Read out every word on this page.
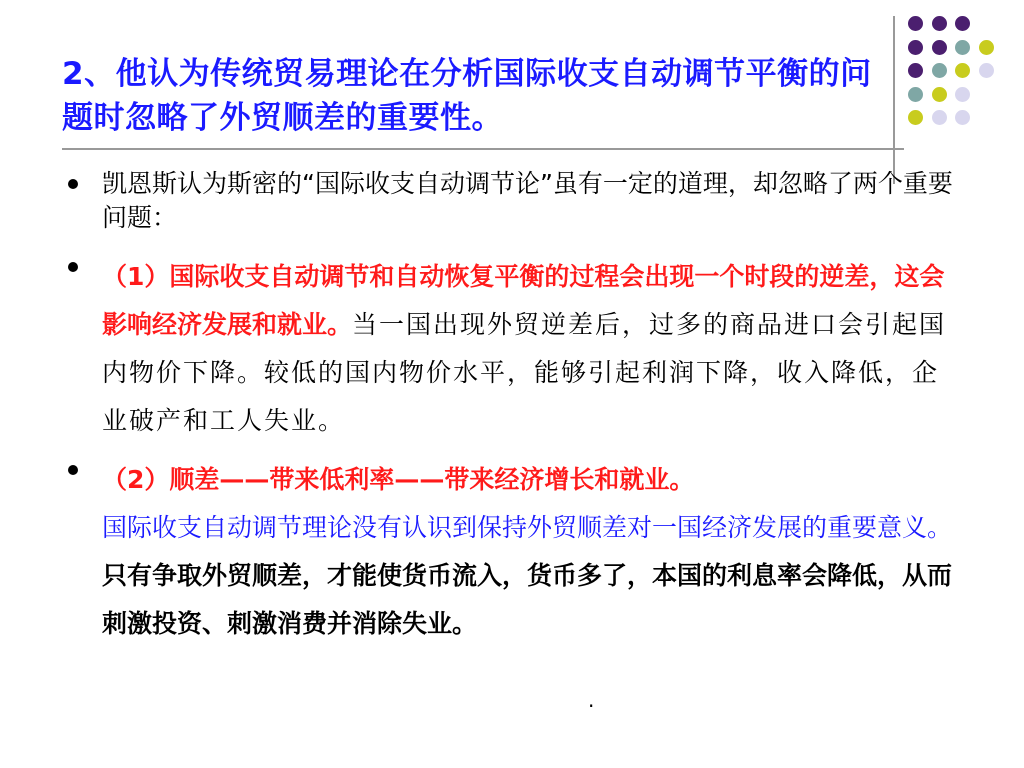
2、他认为传统贸易理论在分析国际收支自动调节平衡的问题时忽略了外贸顺差的重要性。
凯恩斯认为斯密的“国际收支自动调节论”虽有一定的道理，却忽略了两个重要问题：
（1）国际收支自动调节和自动恢复平衡的过程会出现一个时段的逆差，这会影响经济发展和就业。当一国出现外贸逆差后，过多的商品进口会引起国内物价下降。较低的国内物价水平，能够引起利润下降，收入降低，企业破产和工人失业。
（2）顺差——带来低利率——带来经济增长和就业。
国际收支自动调节理论没有认识到保持外贸顺差对一国经济发展的重要意义。只有争取外贸顺差，才能使货币流入，货币多了，本国的利息率会降低，从而刺激投资、刺激消费并消除失业。
.
